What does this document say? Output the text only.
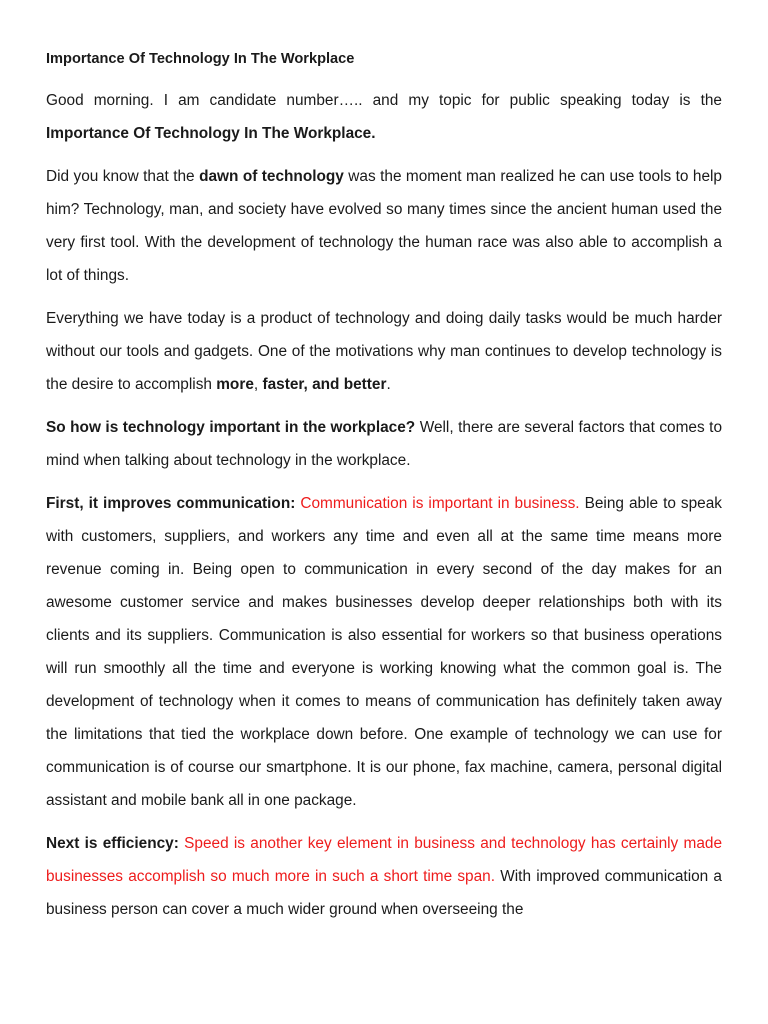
Importance Of Technology In The Workplace

Good morning. I am candidate number….. and my topic for public speaking today is the Importance Of Technology In The Workplace.

Did you know that the dawn of technology was the moment man realized he can use tools to help him? Technology, man, and society have evolved so many times since the ancient human used the very first tool. With the development of technology the human race was also able to accomplish a lot of things.

Everything we have today is a product of technology and doing daily tasks would be much harder without our tools and gadgets. One of the motivations why man continues to develop technology is the desire to accomplish more, faster, and better.

So how is technology important in the workplace? Well, there are several factors that comes to mind when talking about technology in the workplace.

First, it improves communication: Communication is important in business. Being able to speak with customers, suppliers, and workers any time and even all at the same time means more revenue coming in. Being open to communication in every second of the day makes for an awesome customer service and makes businesses develop deeper relationships both with its clients and its suppliers. Communication is also essential for workers so that business operations will run smoothly all the time and everyone is working knowing what the common goal is. The development of technology when it comes to means of communication has definitely taken away the limitations that tied the workplace down before. One example of technology we can use for communication is of course our smartphone. It is our phone, fax machine, camera, personal digital assistant and mobile bank all in one package.

Next is efficiency: Speed is another key element in business and technology has certainly made businesses accomplish so much more in such a short time span. With improved communication a business person can cover a much wider ground when overseeing the
